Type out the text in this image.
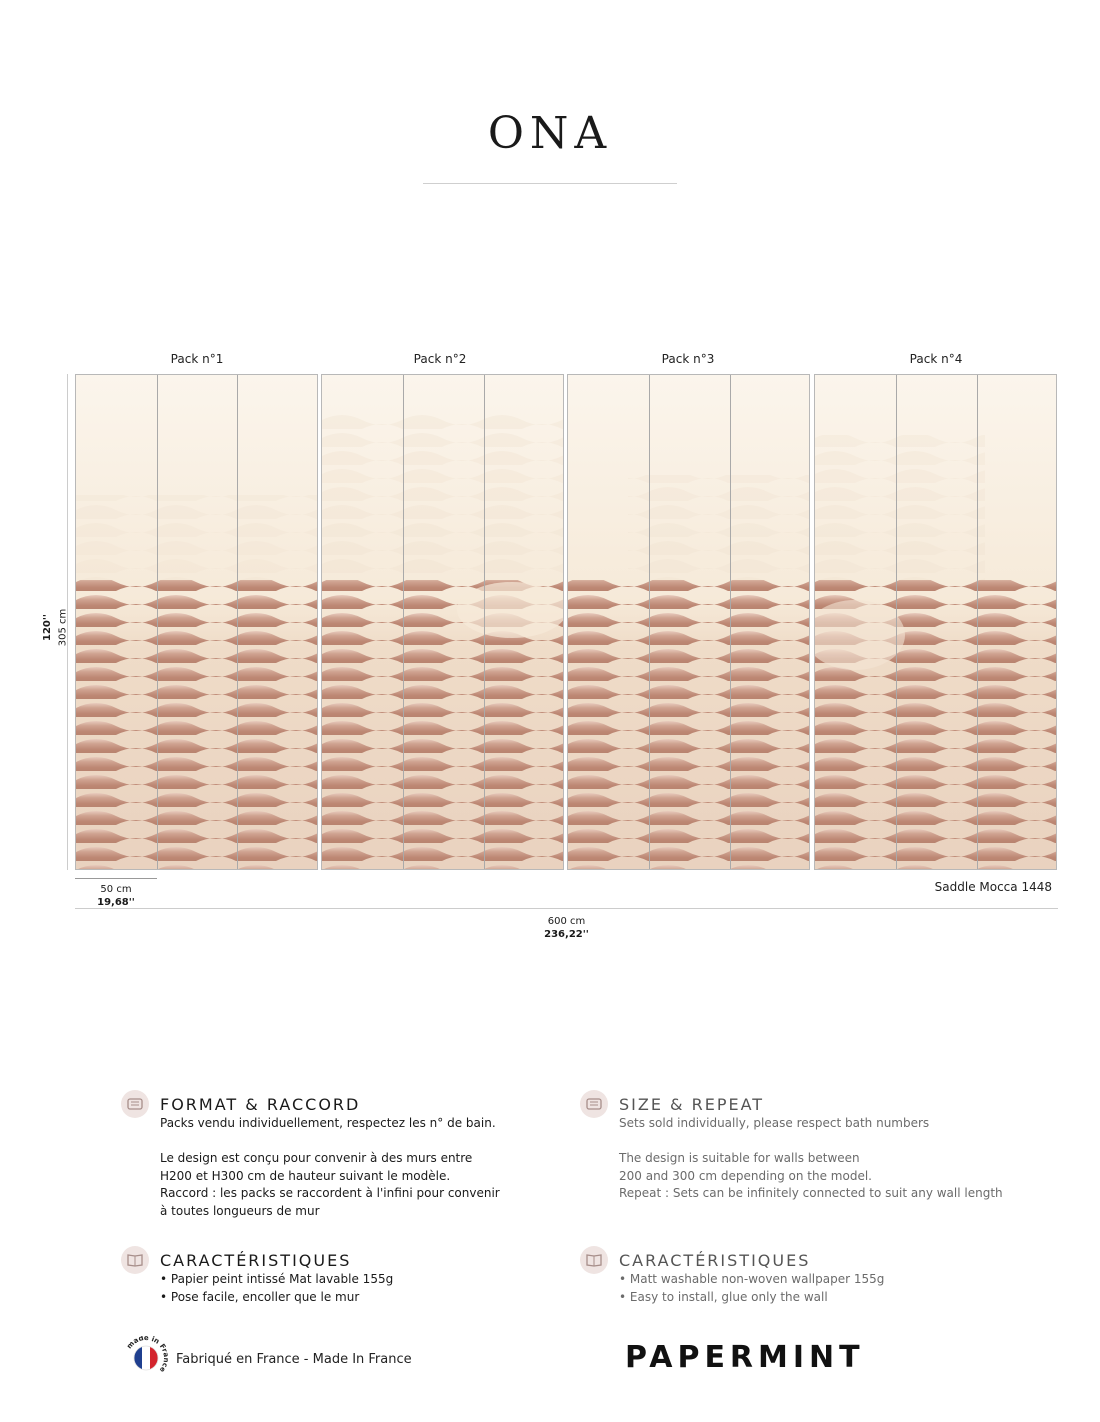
ONA
Pack n°1	Pack n°2	Pack n°3	Pack n°4
120'' 305 cm
50 cm
19,68''
Saddle Mocca 1448
600 cm
236,22''
FORMAT & RACCORD
Packs vendu individuellement, respectez les n° de bain.

Le design est conçu pour convenir à des murs entre
H200 et H300 cm de hauteur suivant le modèle.
Raccord : les packs se raccordent à l'infini pour convenir
à toutes longueurs de mur
SIZE & REPEAT
Sets sold individually, please respect bath numbers

The design is suitable for walls between
200 and 300 cm depending on the model.
Repeat : Sets can be infinitely connected to suit any wall length
CARACTÉRISTIQUES
• Papier peint intissé Mat lavable 155g
• Pose facile, encoller que le mur
CARACTÉRISTIQUES
• Matt washable non-woven wallpaper 155g
• Easy to install, glue only the wall
made in Fr e
Fabriqué en France - Made In France	PAPERMINT
